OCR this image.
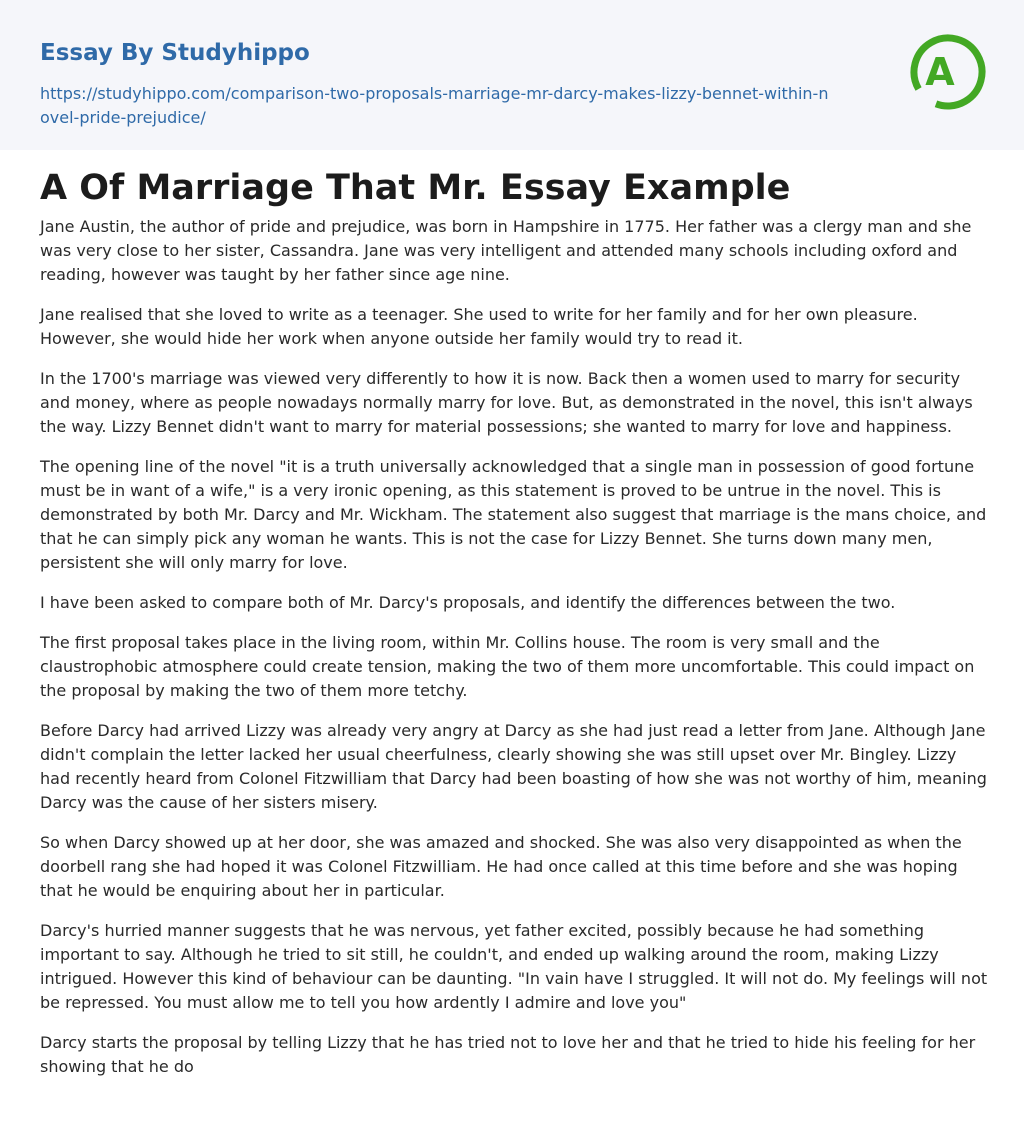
Essay By Studyhippo
https://studyhippo.com/comparison-two-proposals-marriage-mr-darcy-makes-lizzy-bennet-within-novel-pride-prejudice/
A
A Of Marriage That Mr. Essay Example

Jane Austin, the author of pride and prejudice, was born in Hampshire in 1775. Her father was a clergy man and she was very close to her sister, Cassandra. Jane was very intelligent and attended many schools including oxford and reading, however was taught by her father since age nine.

Jane realised that she loved to write as a teenager. She used to write for her family and for her own pleasure. However, she would hide her work when anyone outside her family would try to read it.

In the 1700's marriage was viewed very differently to how it is now. Back then a women used to marry for security and money, where as people nowadays normally marry for love. But, as demonstrated in the novel, this isn't always the way. Lizzy Bennet didn't want to marry for material possessions; she wanted to marry for love and happiness.

The opening line of the novel "it is a truth universally acknowledged that a single man in possession of good fortune must be in want of a wife," is a very ironic opening, as this statement is proved to be untrue in the novel. This is demonstrated by both Mr. Darcy and Mr. Wickham. The statement also suggest that marriage is the mans choice, and that he can simply pick any woman he wants. This is not the case for Lizzy Bennet. She turns down many men, persistent she will only marry for love.

I have been asked to compare both of Mr. Darcy's proposals, and identify the differences between the two.

The first proposal takes place in the living room, within Mr. Collins house. The room is very small and the claustrophobic atmosphere could create tension, making the two of them more uncomfortable. This could impact on the proposal by making the two of them more tetchy.

Before Darcy had arrived Lizzy was already very angry at Darcy as she had just read a letter from Jane. Although Jane didn't complain the letter lacked her usual cheerfulness, clearly showing she was still upset over Mr. Bingley. Lizzy had recently heard from Colonel Fitzwilliam that Darcy had been boasting of how she was not worthy of him, meaning Darcy was the cause of her sisters misery.

So when Darcy showed up at her door, she was amazed and shocked. She was also very disappointed as when the doorbell rang she had hoped it was Colonel Fitzwilliam. He had once called at this time before and she was hoping that he would be enquiring about her in particular.

Darcy's hurried manner suggests that he was nervous, yet father excited, possibly because he had something important to say. Although he tried to sit still, he couldn't, and ended up walking around the room, making Lizzy intrigued. However this kind of behaviour can be daunting. "In vain have I struggled. It will not do. My feelings will not be repressed. You must allow me to tell you how ardently I admire and love you"

Darcy starts the proposal by telling Lizzy that he has tried not to love her and that he tried to hide his feeling for her showing that he do
